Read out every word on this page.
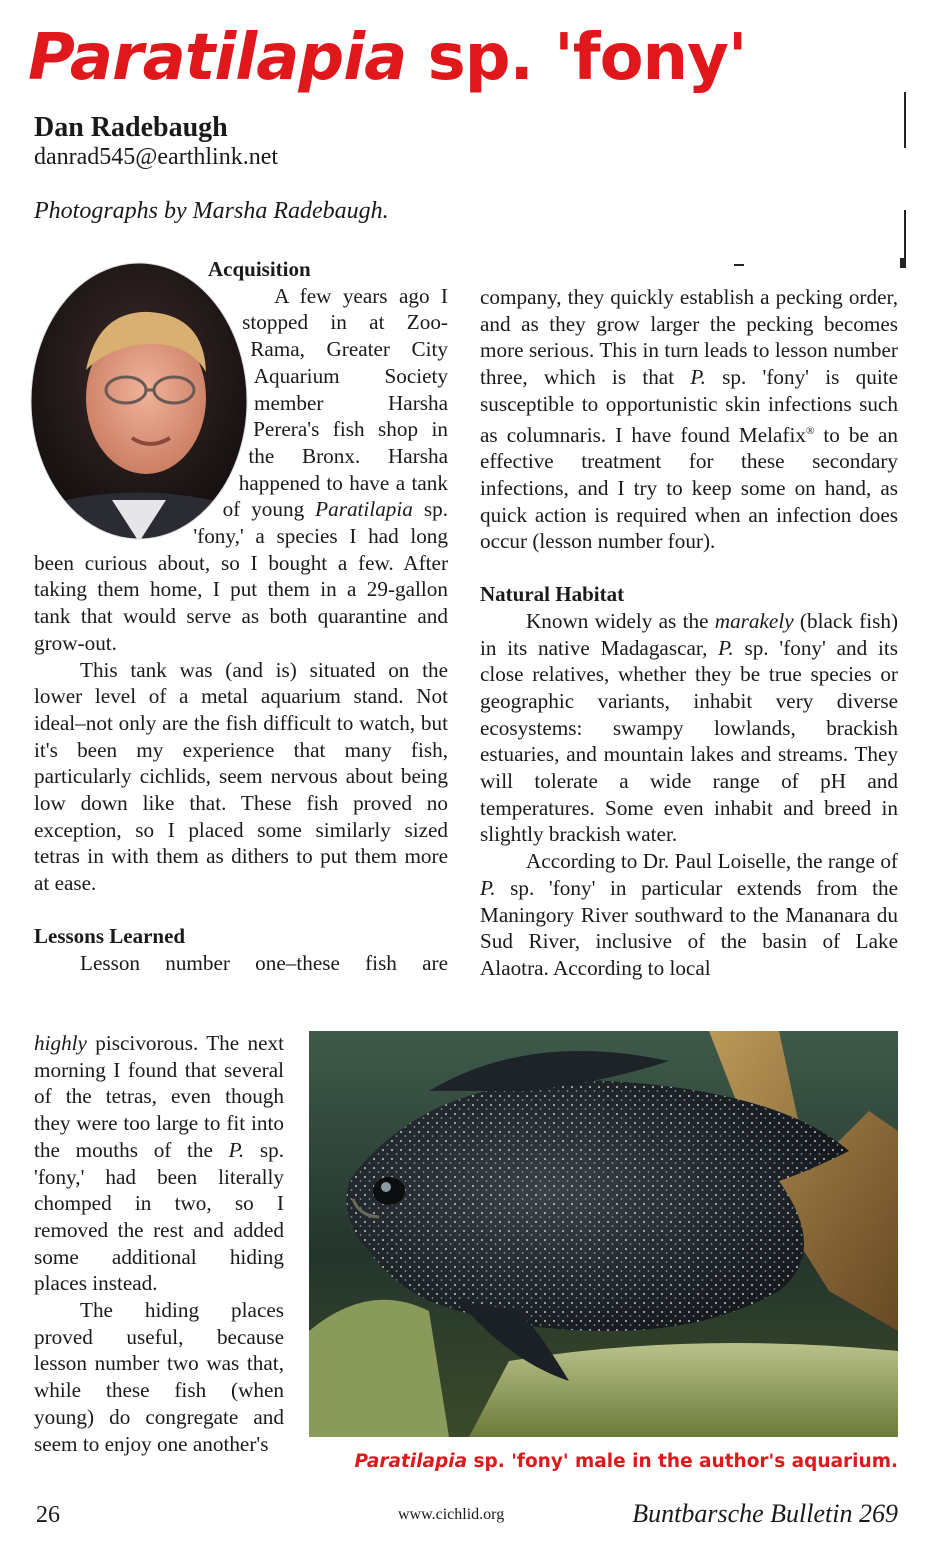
Paratilapia sp. 'fony'
Dan Radebaugh
danrad545@earthlink.net
Photographs by Marsha Radebaugh.
Acquisition

A few years ago I stopped in at Zoo-Rama, Greater City Aquarium Society member Harsha Perera's fish shop in the Bronx. Harsha happened to have a tank of young Paratilapia sp. 'fony,' a species I had long been curious about, so I bought a few. After taking them home, I put them in a 29-gallon tank that would serve as both quarantine and grow-out.

This tank was (and is) situated on the lower level of a metal aquarium stand. Not ideal–not only are the fish difficult to watch, but it's been my experience that many fish, particularly cichlids, seem nervous about being low down like that. These fish proved no exception, so I placed some similarly sized tetras in with them as dithers to put them more at ease.

Lessons Learned

Lesson number one–these fish are

highly piscivorous. The next morning I found that several of the tetras, even though they were too large to fit into the mouths of the P. sp. 'fony,' had been literally chomped in two, so I removed the rest and added some additional hiding places instead.

The hiding places proved useful, because lesson number two was that, while these fish (when young) do congregate and seem to enjoy one another's

company, they quickly establish a pecking order, and as they grow larger the pecking becomes more serious. This in turn leads to lesson number three, which is that P. sp. 'fony' is quite susceptible to opportunistic skin infections such as columnaris. I have found Melafix® to be an effective treatment for these secondary infections, and I try to keep some on hand, as quick action is required when an infection does occur (lesson number four).

Natural Habitat

Known widely as the marakely (black fish) in its native Madagascar, P. sp. 'fony' and its close relatives, whether they be true species or geographic variants, inhabit very diverse ecosystems: swampy lowlands, brackish estuaries, and mountain lakes and streams. They will tolerate a wide range of pH and temperatures. Some even inhabit and breed in slightly brackish water.

According to Dr. Paul Loiselle, the range of P. sp. 'fony' in particular extends from the Maningory River southward to the Mananara du Sud River, inclusive of the basin of Lake Alaotra. According to local

Paratilapia sp. 'fony' male in the author's aquarium.
26	www.cichlid.org	Buntbarsche Bulletin 269
